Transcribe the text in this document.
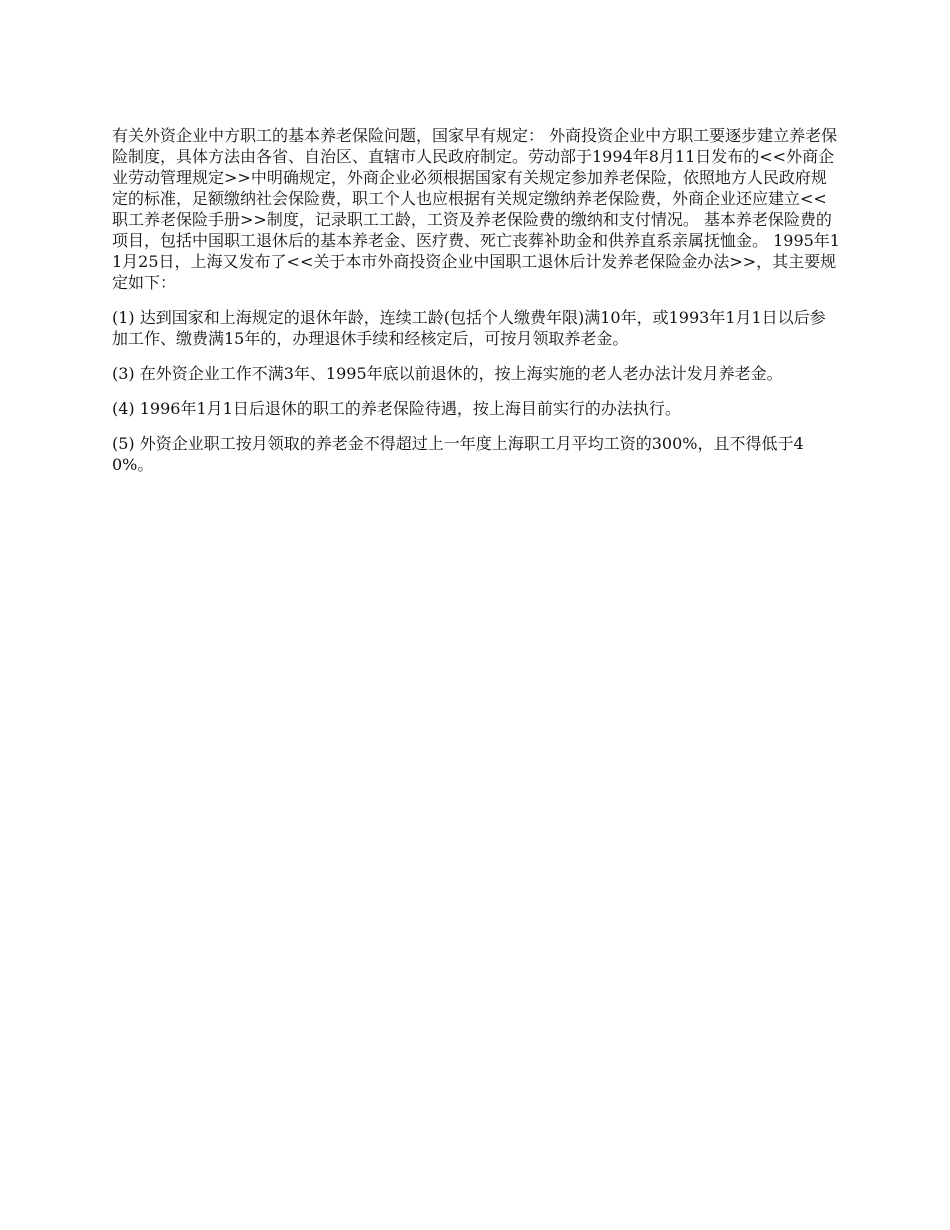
有关外资企业中方职工的基本养老保险问题，国家早有规定： 外商投资企业中方职工要逐步建立养老保险制度，具体方法由各省、自治区、直辖市人民政府制定。劳动部于1994年8月11日发布的<<外商企业劳动管理规定>>中明确规定，外商企业必须根据国家有关规定参加养老保险，依照地方人民政府规定的标准，足额缴纳社会保险费，职工个人也应根据有关规定缴纳养老保险费，外商企业还应建立<<职工养老保险手册>>制度，记录职工工龄，工资及养老保险费的缴纳和支付情况。 基本养老保险费的项目，包括中国职工退休后的基本养老金、医疗费、死亡丧葬补助金和供养直系亲属抚恤金。 1995年11月25日，上海又发布了<<关于本市外商投资企业中国职工退休后计发养老保险金办法>>，其主要规定如下：

(1) 达到国家和上海规定的退休年龄，连续工龄(包括个人缴费年限)满10年，或1993年1月1日以后参加工作、缴费满15年的，办理退休手续和经核定后，可按月领取养老金。

(3) 在外资企业工作不满3年、1995年底以前退休的，按上海实施的老人老办法计发月养老金。

(4) 1996年1月1日后退休的职工的养老保险待遇，按上海目前实行的办法执行。

(5) 外资企业职工按月领取的养老金不得超过上一年度上海职工月平均工资的300%，且不得低于40%。
